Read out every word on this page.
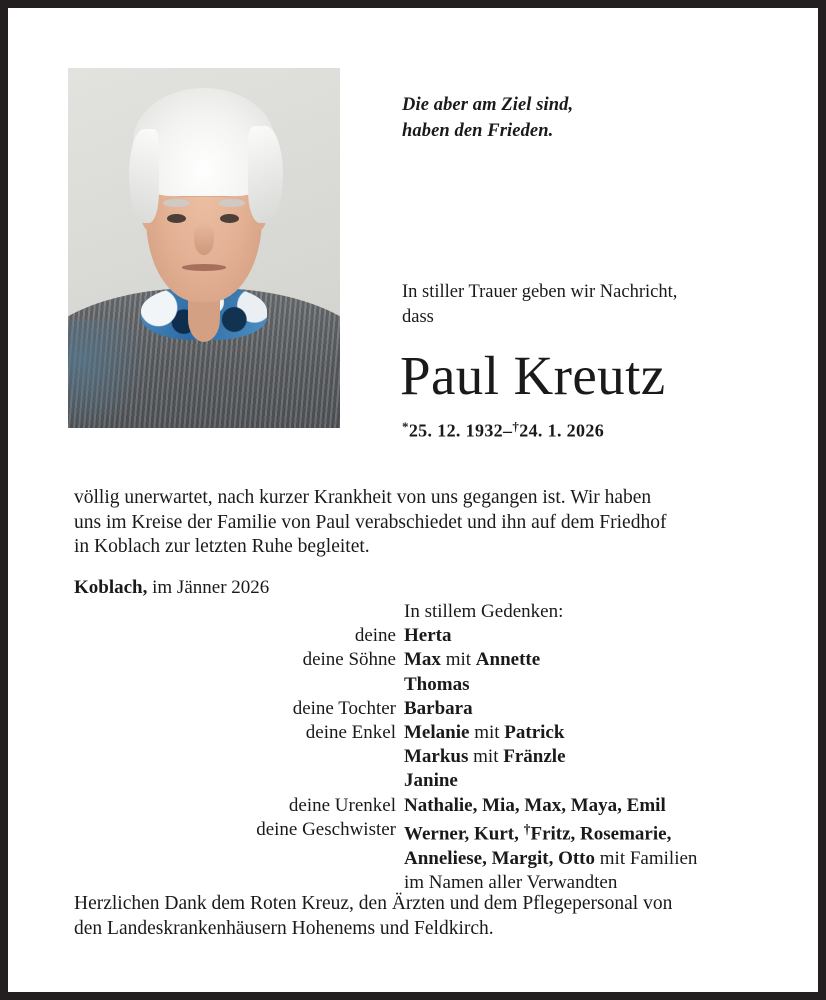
Die aber am Ziel sind,
haben den Frieden.
In stiller Trauer geben wir Nachricht,
dass
Paul Kreutz
*25. 12. 1932–†24. 1. 2026
völlig unerwartet, nach kurzer Krankheit von uns gegangen ist. Wir haben
uns im Kreise der Familie von Paul verabschiedet und ihn auf dem Friedhof
in Koblach zur letzten Ruhe begleitet.
Koblach, im Jänner 2026
In stillem Gedenken:
deine Herta
deine Söhne Max mit Annette
Thomas
deine Tochter Barbara
deine Enkel Melanie mit Patrick
Markus mit Fränzle
Janine
deine Urenkel Nathalie, Mia, Max, Maya, Emil
deine Geschwister Werner, Kurt, †Fritz, Rosemarie,
Anneliese, Margit, Otto mit Familien
im Namen aller Verwandten
Herzlichen Dank dem Roten Kreuz, den Ärzten und dem Pflegepersonal von
den Landeskrankenhäusern Hohenems und Feldkirch.
